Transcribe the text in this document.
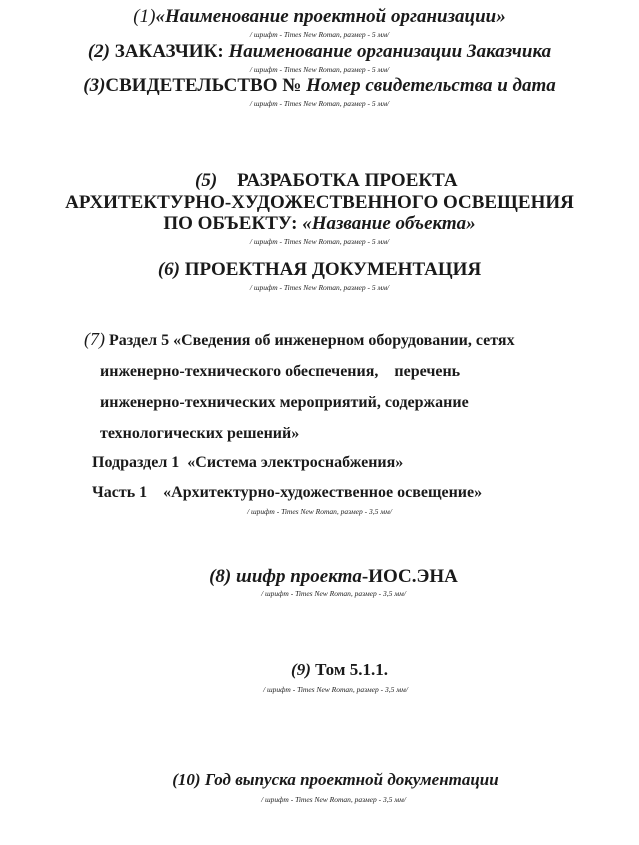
(1)«Наименование проектной организации»
/ шрифт - Times New Roman, размер - 5 мм/
(2) ЗАКАЗЧИК: Наименование организации Заказчика
/ шрифт - Times New Roman, размер - 5 мм/
(3)СВИДЕТЕЛЬСТВО № Номер свидетельства и дата
/ шрифт - Times New Roman, размер - 5 мм/
(5) РАЗРАБОТКА ПРОЕКТА
АРХИТЕКТУРНО-ХУДОЖЕСТВЕННОГО ОСВЕЩЕНИЯ
ПО ОБЪЕКТУ: «Название объекта»
/ шрифт - Times New Roman, размер - 5 мм/
(6) ПРОЕКТНАЯ ДОКУМЕНТАЦИЯ
/ шрифт - Times New Roman, размер - 5 мм/
(7) Раздел 5 «Сведения об инженерном оборудовании, сетях
инженерно-технического обеспечения,    перечень
инженерно-технических мероприятий, содержание
технологических решений»
Подраздел 1  «Система электроснабжения»
Часть 1    «Архитектурно-художественное освещение»
/ шрифт - Times New Roman, размер - 3,5 мм/
(8) шифр проекта-ИОС.ЭНА
/ шрифт - Times New Roman, размер - 3,5 мм/
(9) Том 5.1.1.
/ шрифт - Times New Roman, размер - 3,5 мм/
(10) Год выпуска проектной документации
/ шрифт - Times New Roman, размер - 3,5 мм/
